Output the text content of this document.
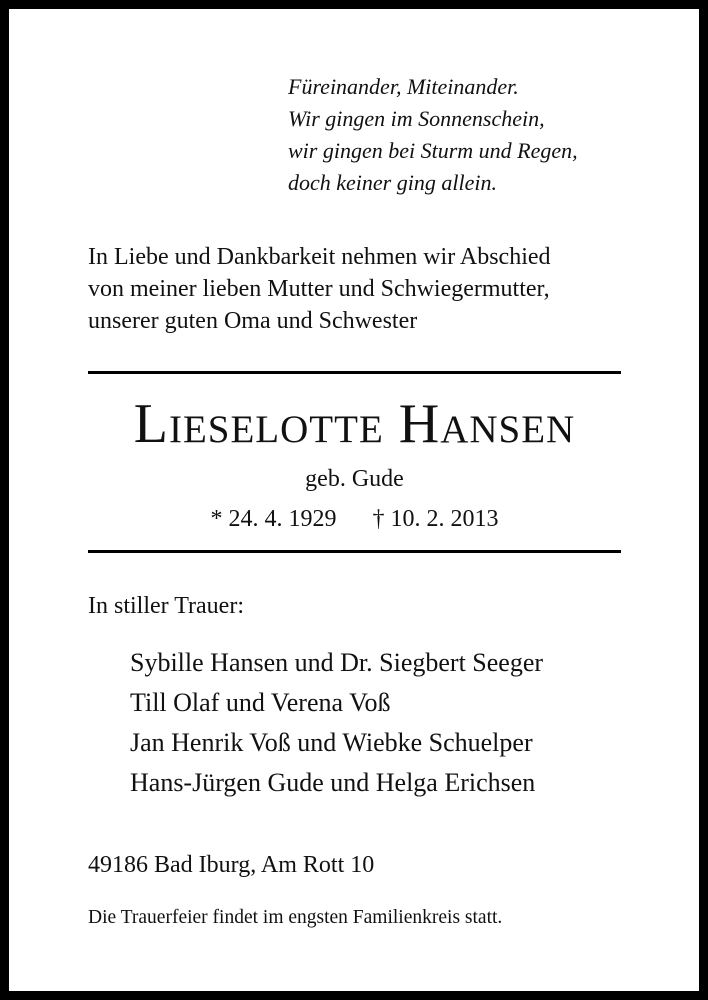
Füreinander, Miteinander.
Wir gingen im Sonnenschein,
wir gingen bei Sturm und Regen,
doch keiner ging allein.
In Liebe und Dankbarkeit nehmen wir Abschied
von meiner lieben Mutter und Schwiegermutter,
unserer guten Oma und Schwester
Lieselotte Hansen
geb. Gude
* 24. 4. 1929 † 10. 2. 2013
In stiller Trauer:
Sybille Hansen und Dr. Siegbert Seeger
Till Olaf und Verena Voß
Jan Henrik Voß und Wiebke Schuelper
Hans-Jürgen Gude und Helga Erichsen
49186 Bad Iburg, Am Rott 10
Die Trauerfeier findet im engsten Familienkreis statt.
